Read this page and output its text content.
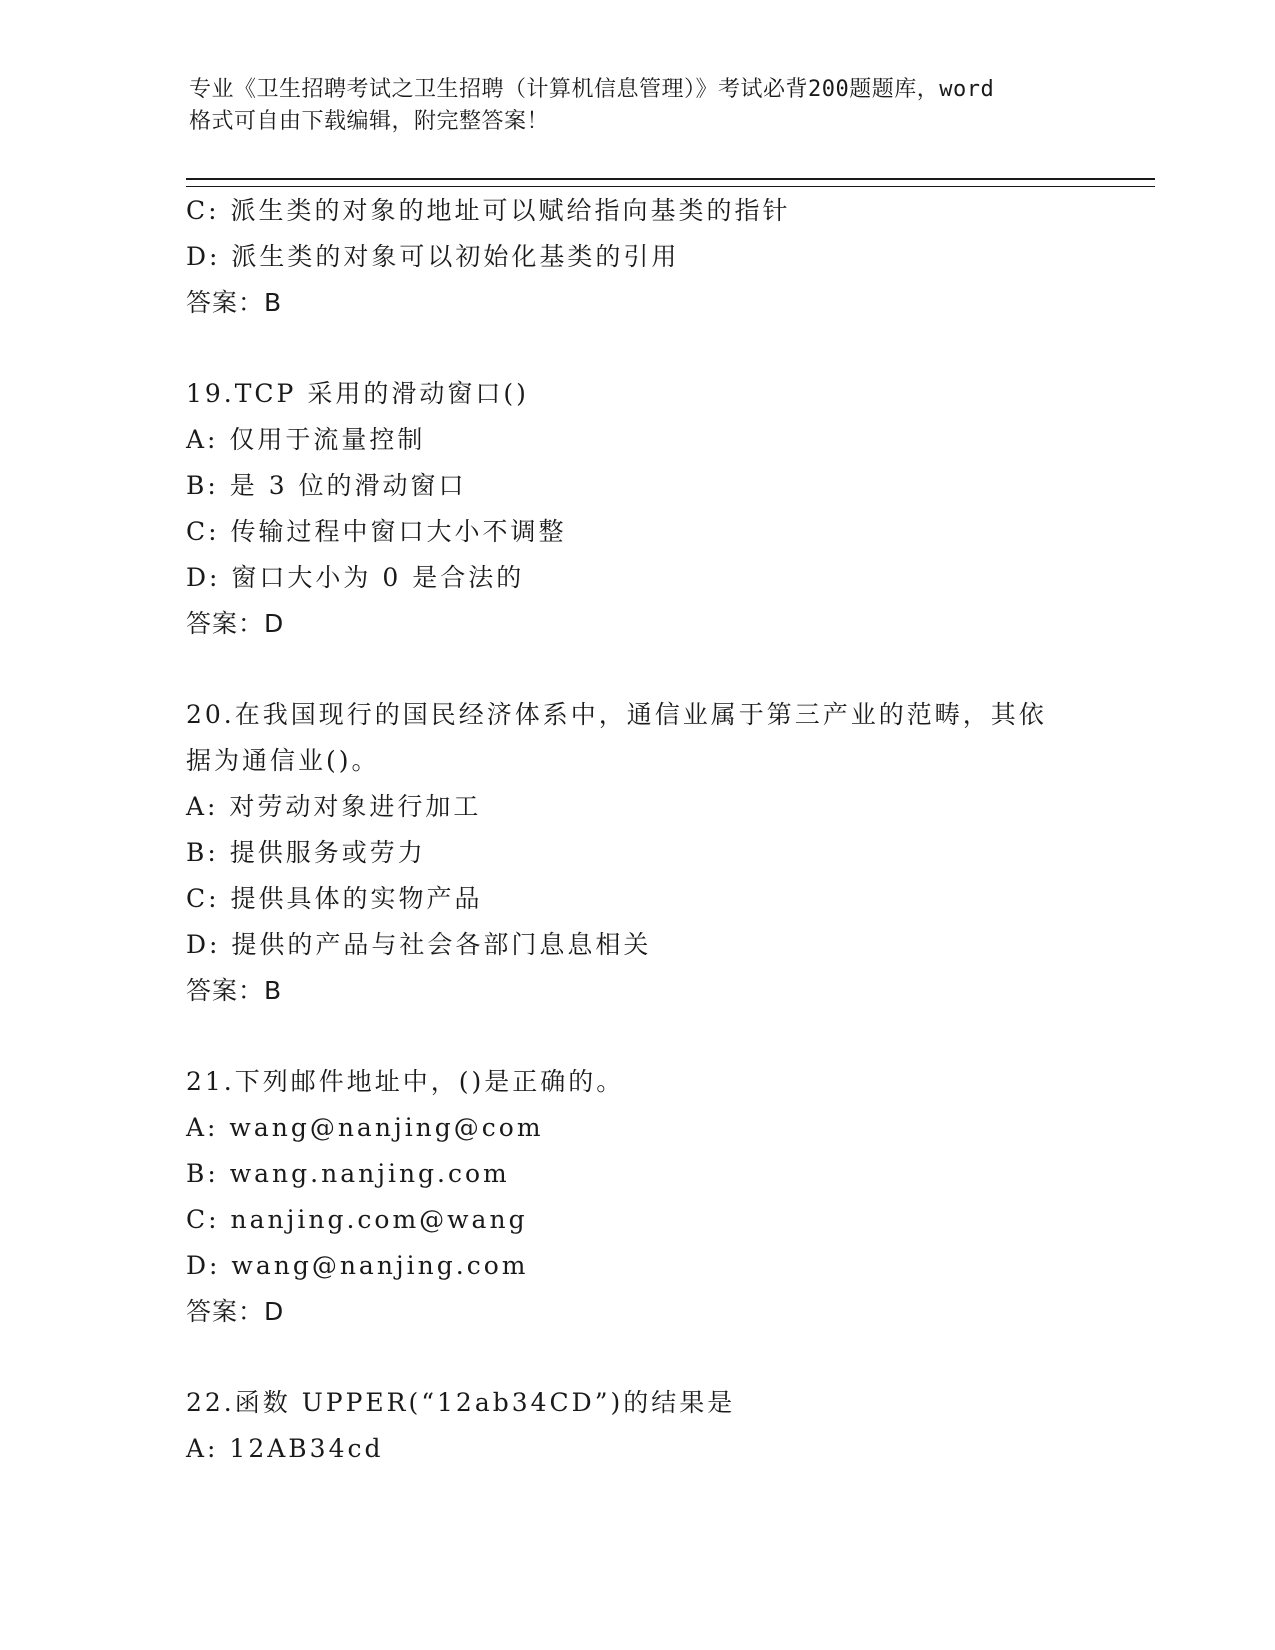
专业《卫生招聘考试之卫生招聘（计算机信息管理）》考试必背200题题库，word
格式可自由下载编辑，附完整答案！
C: 派生类的对象的地址可以赋给指向基类的指针
D: 派生类的对象可以初始化基类的引用
答案：B
19.TCP 采用的滑动窗口()
A: 仅用于流量控制
B: 是 3 位的滑动窗口
C: 传输过程中窗口大小不调整
D: 窗口大小为 0 是合法的
答案：D
20.在我国现行的国民经济体系中，通信业属于第三产业的范畴，其依
据为通信业()。
A: 对劳动对象进行加工
B: 提供服务或劳力
C: 提供具体的实物产品
D: 提供的产品与社会各部门息息相关
答案：B
21.下列邮件地址中，()是正确的。
A: wang@nanjing@com
B: wang.nanjing.com
C: nanjing.com@wang
D: wang@nanjing.com
答案：D
22.函数 UPPER(“12ab34CD”)的结果是
A: 12AB34cd
